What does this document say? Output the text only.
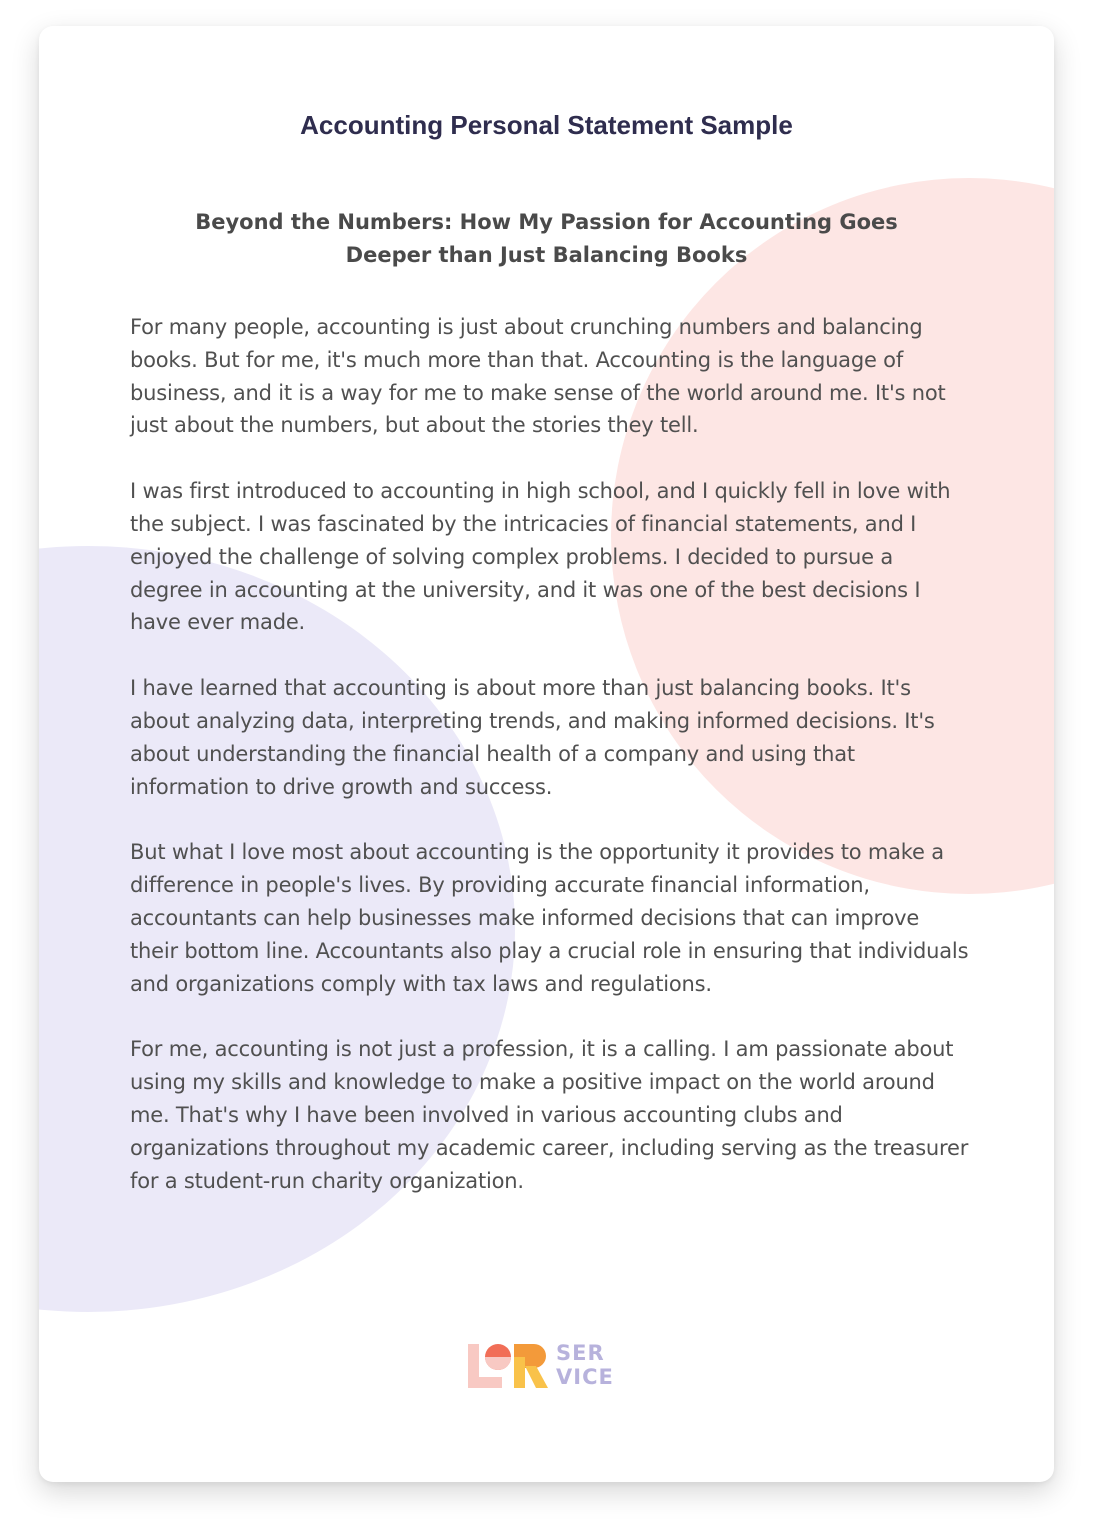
Accounting Personal Statement Sample
Beyond the Numbers: How My Passion for Accounting Goes Deeper than Just Balancing Books

For many people, accounting is just about crunching numbers and balancing books. But for me, it's much more than that. Accounting is the language of business, and it is a way for me to make sense of the world around me. It's not just about the numbers, but about the stories they tell.

I was first introduced to accounting in high school, and I quickly fell in love with the subject. I was fascinated by the intricacies of financial statements, and I enjoyed the challenge of solving complex problems. I decided to pursue a degree in accounting at the university, and it was one of the best decisions I have ever made.

I have learned that accounting is about more than just balancing books. It's about analyzing data, interpreting trends, and making informed decisions. It's about understanding the financial health of a company and using that information to drive growth and success.

But what I love most about accounting is the opportunity it provides to make a difference in people's lives. By providing accurate financial information, accountants can help businesses make informed decisions that can improve their bottom line. Accountants also play a crucial role in ensuring that individuals and organizations comply with tax laws and regulations.

For me, accounting is not just a profession, it is a calling. I am passionate about using my skills and knowledge to make a positive impact on the world around me. That's why I have been involved in various accounting clubs and organizations throughout my academic career, including serving as the treasurer for a student-run charity organization.

SER
VICE
